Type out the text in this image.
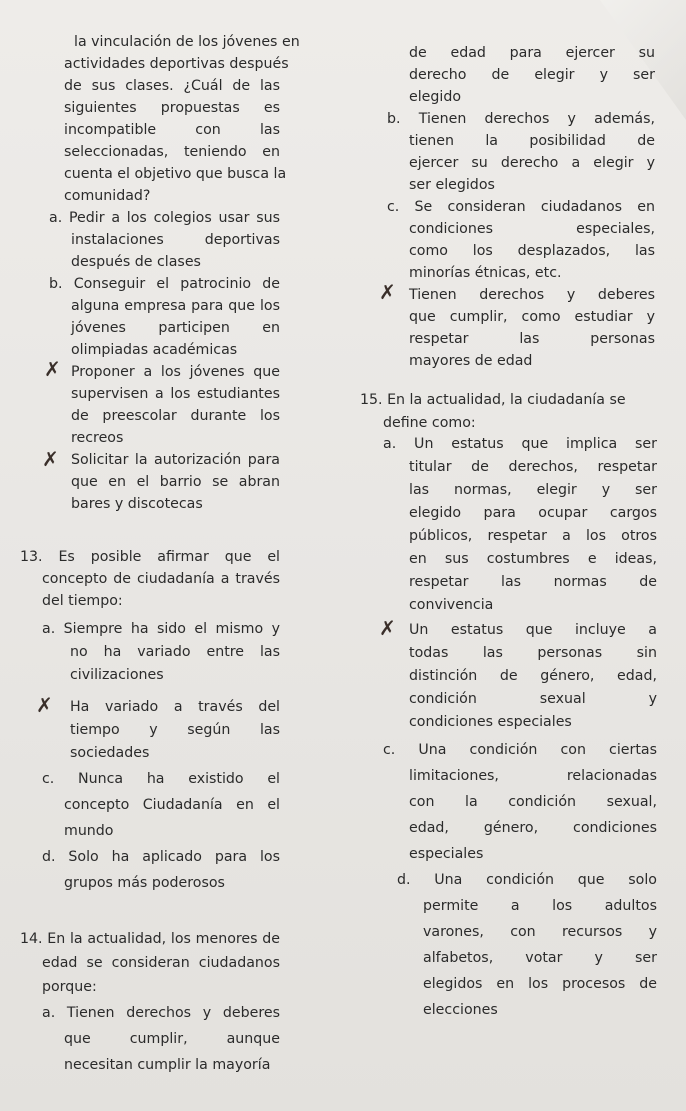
la vinculación de los jóvenes en
actividades deportivas después
de sus clases. ¿Cuál de las
siguientes propuestas es
incompatible con las
seleccionadas, teniendo en
cuenta el objetivo que busca la
comunidad?
a. Pedir a los colegios usar sus
instalaciones deportivas
después de clases
b. Conseguir el patrocinio de
alguna empresa para que los
jóvenes participen en
olimpiadas académicas
✗ Proponer a los jóvenes que
supervisen a los estudiantes
de preescolar durante los
recreos
✗ Solicitar la autorización para
que en el barrio se abran
bares y discotecas
13. Es posible afirmar que el
concepto de ciudadanía a través
del tiempo:
a. Siempre ha sido el mismo y
no ha variado entre las
civilizaciones
✗ Ha variado a través del
tiempo y según las
sociedades
c. Nunca ha existido el
concepto Ciudadanía en el
mundo
d. Solo ha aplicado para los
grupos más poderosos
14. En la actualidad, los menores de
edad se consideran ciudadanos
porque:
a. Tienen derechos y deberes
que cumplir, aunque
necesitan cumplir la mayoría
de edad para ejercer su
derecho de elegir y ser
elegido
b. Tienen derechos y además,
tienen la posibilidad de
ejercer su derecho a elegir y
ser elegidos
c. Se consideran ciudadanos en
condiciones especiales,
como los desplazados, las
minorías étnicas, etc.
✗ Tienen derechos y deberes
que cumplir, como estudiar y
respetar las personas
mayores de edad
15. En la actualidad, la ciudadanía se
define como:
a. Un estatus que implica ser
titular de derechos, respetar
las normas, elegir y ser
elegido para ocupar cargos
públicos, respetar a los otros
en sus costumbres e ideas,
respetar las normas de
convivencia
✗ Un estatus que incluye a
todas las personas sin
distinción de género, edad,
condición sexual y
condiciones especiales
c. Una condición con ciertas
limitaciones, relacionadas
con la condición sexual,
edad, género, condiciones
especiales
d. Una condición que solo
permite a los adultos
varones, con recursos y
alfabetos, votar y ser
elegidos en los procesos de
elecciones
